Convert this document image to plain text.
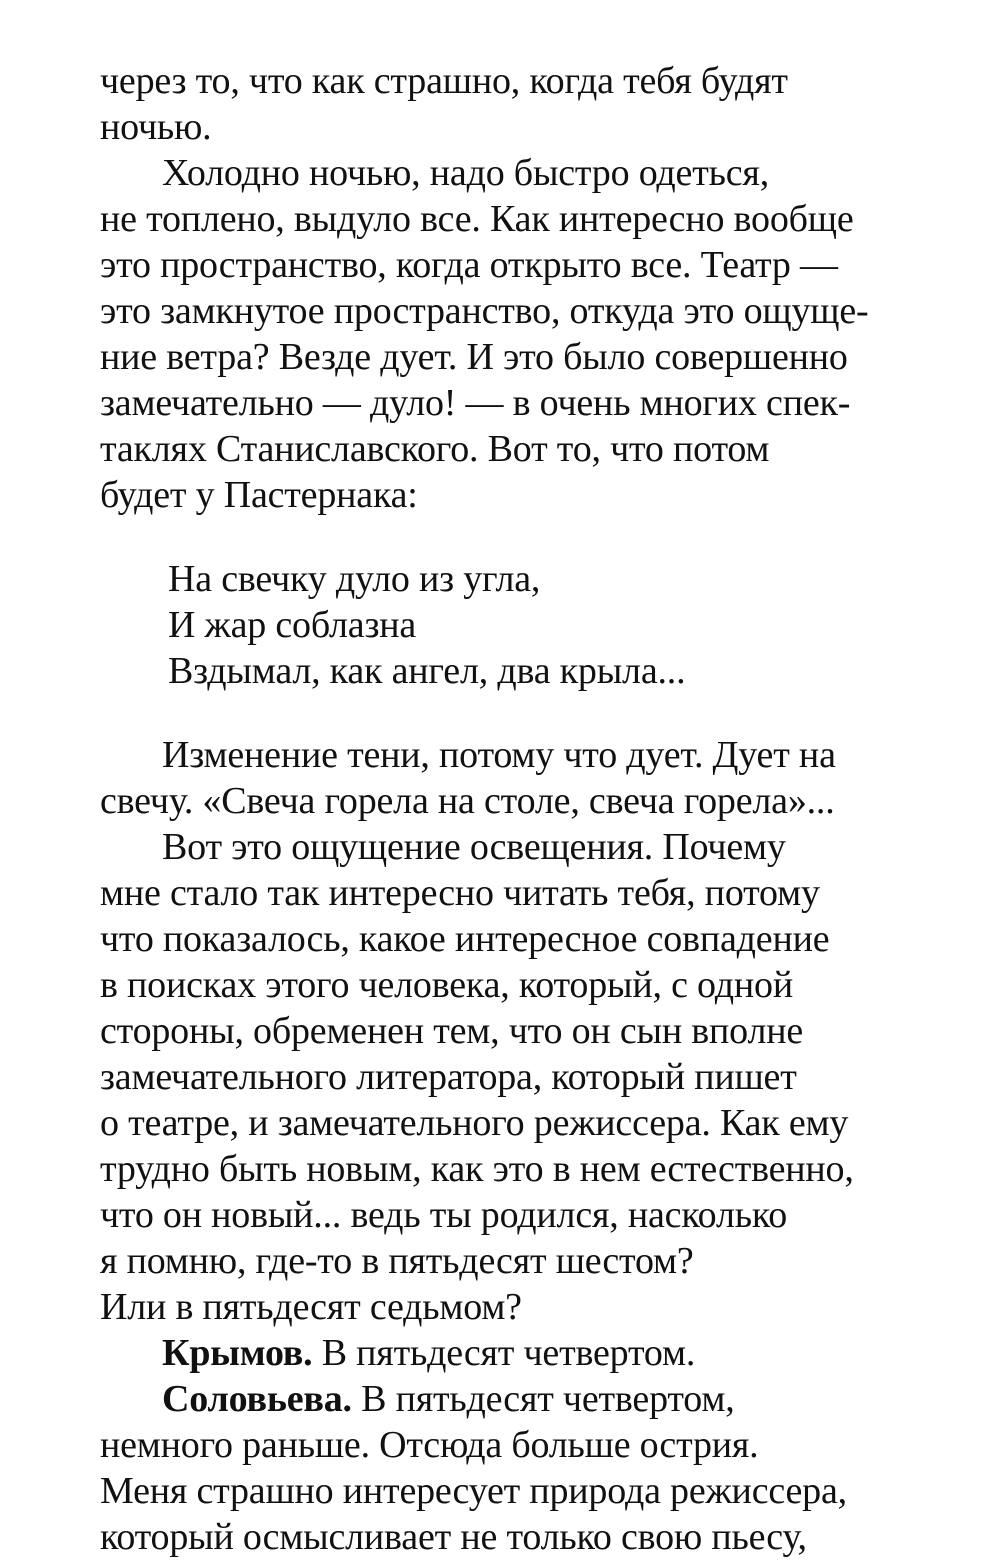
через то, что как страшно, когда тебя будят
ночью.
Холодно ночью, надо быстро одеться,
не топлено, выдуло все. Как интересно вообще
это пространство, когда открыто все. Театр —
это замкнутое пространство, откуда это ощуще-
ние ветра? Везде дует. И это было совершенно
замечательно — дуло! — в очень многих спек-
таклях Станиславского. Вот то, что потом
будет у Пастернака:
На свечку дуло из угла,
И жар соблазна
Вздымал, как ангел, два крыла...
Изменение тени, потому что дует. Дует на
свечу. «Свеча горела на столе, свеча горела»...
Вот это ощущение освещения. Почему
мне стало так интересно читать тебя, потому
что показалось, какое интересное совпадение
в поисках этого человека, который, с одной
стороны, обременен тем, что он сын вполне
замечательного литератора, который пишет
о театре, и замечательного режиссера. Как ему
трудно быть новым, как это в нем естественно,
что он новый... ведь ты родился, насколько
я помню, где-то в пятьдесят шестом?
Или в пятьдесят седьмом?
Крымов. В пятьдесят четвертом.
Соловьева. В пятьдесят четвертом,
немного раньше. Отсюда больше острия.
Меня страшно интересует природа режиссера,
который осмысливает не только свою пьесу,
